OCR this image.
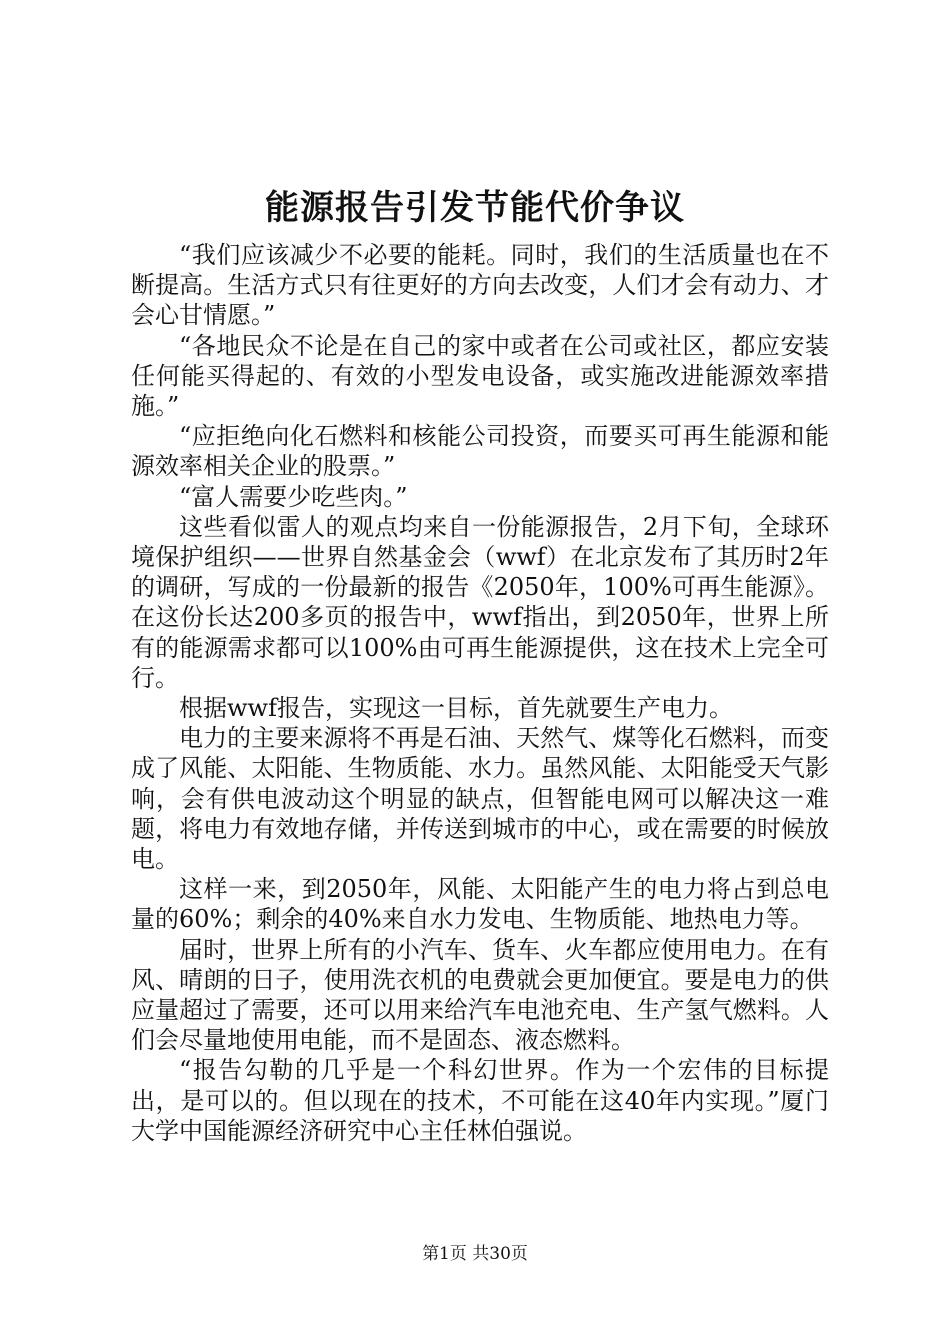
能源报告引发节能代价争议

“我们应该减少不必要的能耗。同时，我们的生活质量也在不断提高。生活方式只有往更好的方向去改变，人们才会有动力、才会心甘情愿。”

“各地民众不论是在自己的家中或者在公司或社区，都应安装任何能买得起的、有效的小型发电设备，或实施改进能源效率措施。”

“应拒绝向化石燃料和核能公司投资，而要买可再生能源和能源效率相关企业的股票。”

“富人需要少吃些肉。”

这些看似雷人的观点均来自一份能源报告，2月下旬，全球环境保护组织——世界自然基金会（wwf）在北京发布了其历时2年的调研，写成的一份最新的报告《2050年，100%可再生能源》。在这份长达200多页的报告中，wwf指出，到2050年，世界上所有的能源需求都可以100%由可再生能源提供，这在技术上完全可行。

根据wwf报告，实现这一目标，首先就要生产电力。

电力的主要来源将不再是石油、天然气、煤等化石燃料，而变成了风能、太阳能、生物质能、水力。虽然风能、太阳能受天气影响，会有供电波动这个明显的缺点，但智能电网可以解决这一难题，将电力有效地存储，并传送到城市的中心，或在需要的时候放电。

这样一来，到2050年，风能、太阳能产生的电力将占到总电量的60%；剩余的40%来自水力发电、生物质能、地热电力等。

届时，世界上所有的小汽车、货车、火车都应使用电力。在有风、晴朗的日子，使用洗衣机的电费就会更加便宜。要是电力的供应量超过了需要，还可以用来给汽车电池充电、生产氢气燃料。人们会尽量地使用电能，而不是固态、液态燃料。

“报告勾勒的几乎是一个科幻世界。作为一个宏伟的目标提出，是可以的。但以现在的技术，不可能在这40年内实现。”厦门大学中国能源经济研究中心主任林伯强说。

第1页 共30页
